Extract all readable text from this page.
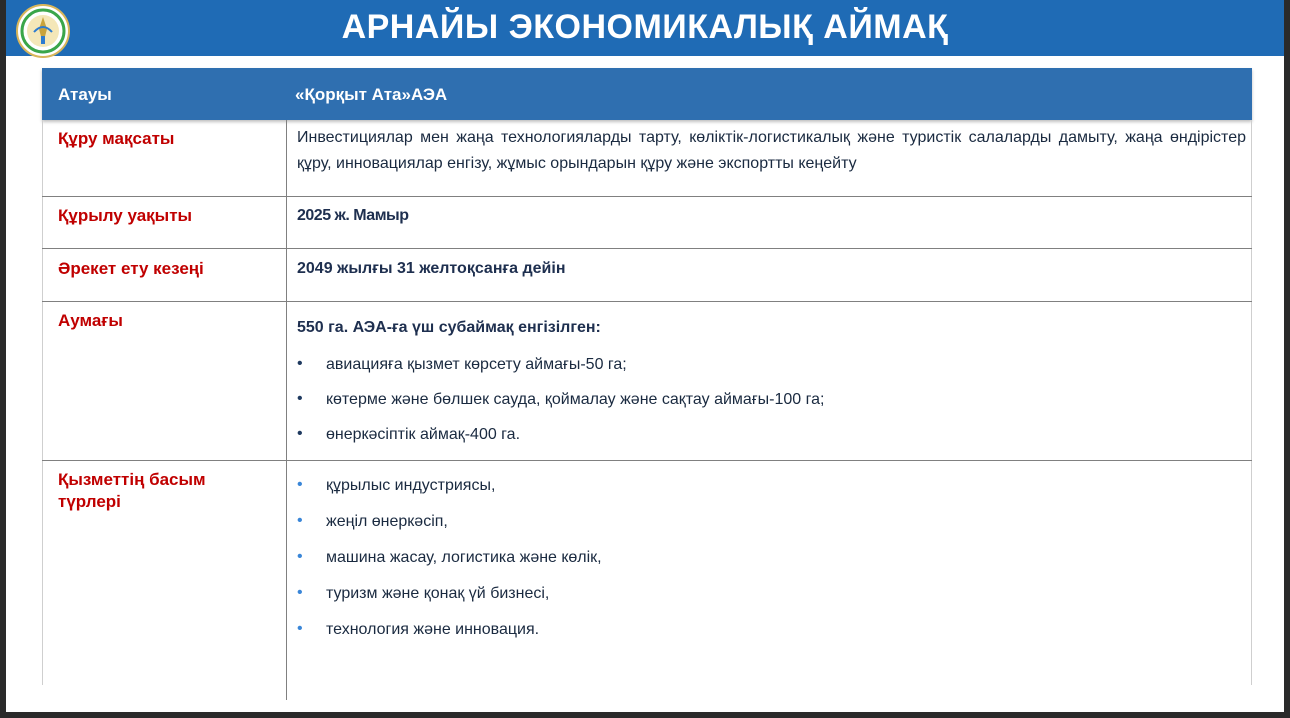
АРНАЙЫ ЭКОНОМИКАЛЫҚ АЙМАҚ
Атауы	«Қорқыт Ата»АЭА
Құру мақсаты	Инвестициялар мен жаңа технологияларды тарту, көліктік-логистикалық және туристік салаларды дамыту, жаңа өндірістер құру, инновациялар енгізу, жұмыс орындарын құру және экспортты кеңейту
Құрылу уақыты	2025 ж. Мамыр
Әрекет ету кезеңі	2049 жылғы 31 желтоқсанға дейін
Аумағы	550 га. АЭА-ға үш субаймақ енгізілген:
• авиацияға қызмет көрсету аймағы-50 га;
• көтерме және бөлшек сауда, қоймалау және сақтау аймағы-100 га;
• өнеркәсіптік аймақ-400 га.
Қызметтің басым түрлері
• құрылыс индустриясы,
• жеңіл өнеркәсіп,
• машина жасау, логистика және көлік,
• туризм және қонақ үй бизнесі,
• технология және инновация.
